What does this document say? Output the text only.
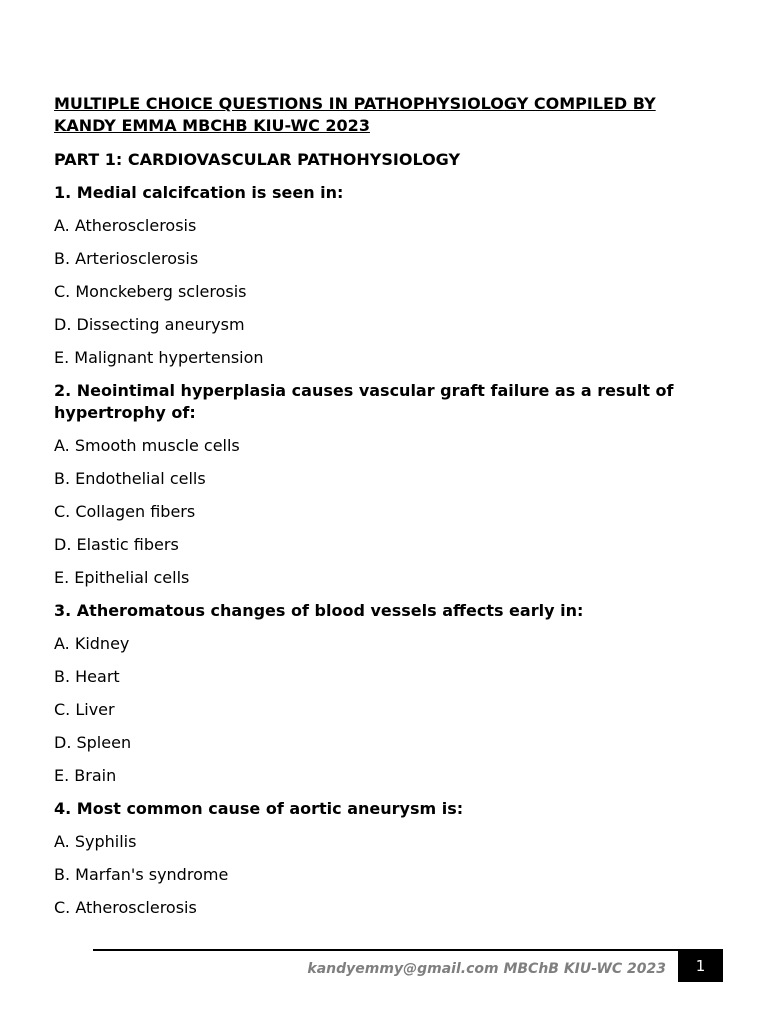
MULTIPLE CHOICE QUESTIONS IN PATHOPHYSIOLOGY COMPILED BY KANDY EMMA MBCHB KIU-WC 2023
PART 1: CARDIOVASCULAR PATHOHYSIOLOGY
1. Medial calcifcation is seen in:
A. Atherosclerosis
B. Arteriosclerosis
C. Monckeberg sclerosis
D. Dissecting aneurysm
E. Malignant hypertension
2. Neointimal hyperplasia causes vascular graft failure as a result of hypertrophy of:
A. Smooth muscle cells
B. Endothelial cells
C. Collagen fibers
D. Elastic fibers
E. Epithelial cells
3. Atheromatous changes of blood vessels affects early in:
A. Kidney
B. Heart
C. Liver
D. Spleen
E. Brain
4. Most common cause of aortic aneurysm is:
A. Syphilis
B. Marfan's syndrome
C. Atherosclerosis
kandyemmy@gmail.com MBChB KIU-WC 2023	1
